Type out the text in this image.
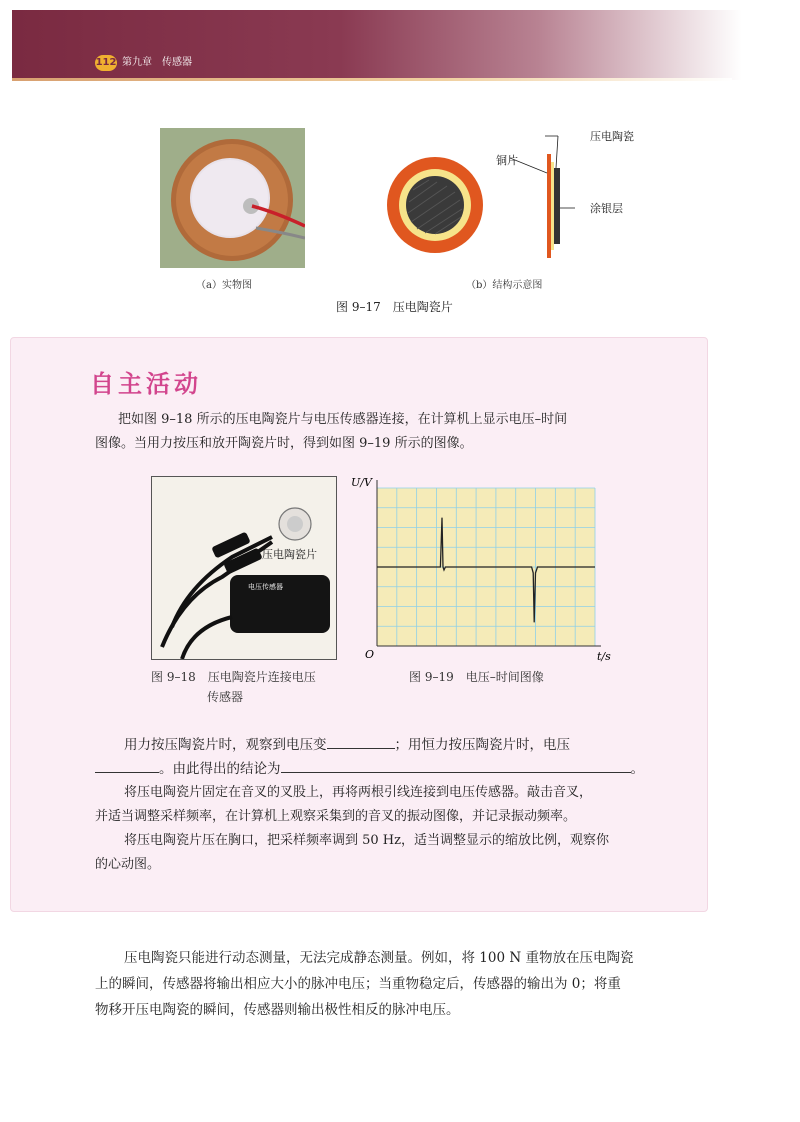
112 第九章　传感器
（a）实物图
铜片
压电陶瓷
涂银层
（b）结构示意图
图 9–17　压电陶瓷片
自主活动
把如图 9–18 所示的压电陶瓷片与电压传感器连接，在计算机上显示电压–时间
图像。当用力按压和放开陶瓷片时，得到如图 9–19 所示的图像。
压电陶瓷片
电压传感器
图 9–18　压电陶瓷片连接电压
传感器
U/V
t/s
O
图 9–19　电压–时间图像
用力按压陶瓷片时，观察到电压变	；用恒力按压陶瓷片时，电压
。由此得出的结论为	。
将压电陶瓷片固定在音叉的叉股上，再将两根引线连接到电压传感器。敲击音叉，
并适当调整采样频率，在计算机上观察采集到的音叉的振动图像，并记录振动频率。
将压电陶瓷片压在胸口，把采样频率调到 50 Hz，适当调整显示的缩放比例，观察你
的心动图。
压电陶瓷只能进行动态测量，无法完成静态测量。例如，将 100 N 重物放在压电陶瓷
上的瞬间，传感器将输出相应大小的脉冲电压；当重物稳定后，传感器的输出为 0；将重
物移开压电陶瓷的瞬间，传感器则输出极性相反的脉冲电压。
